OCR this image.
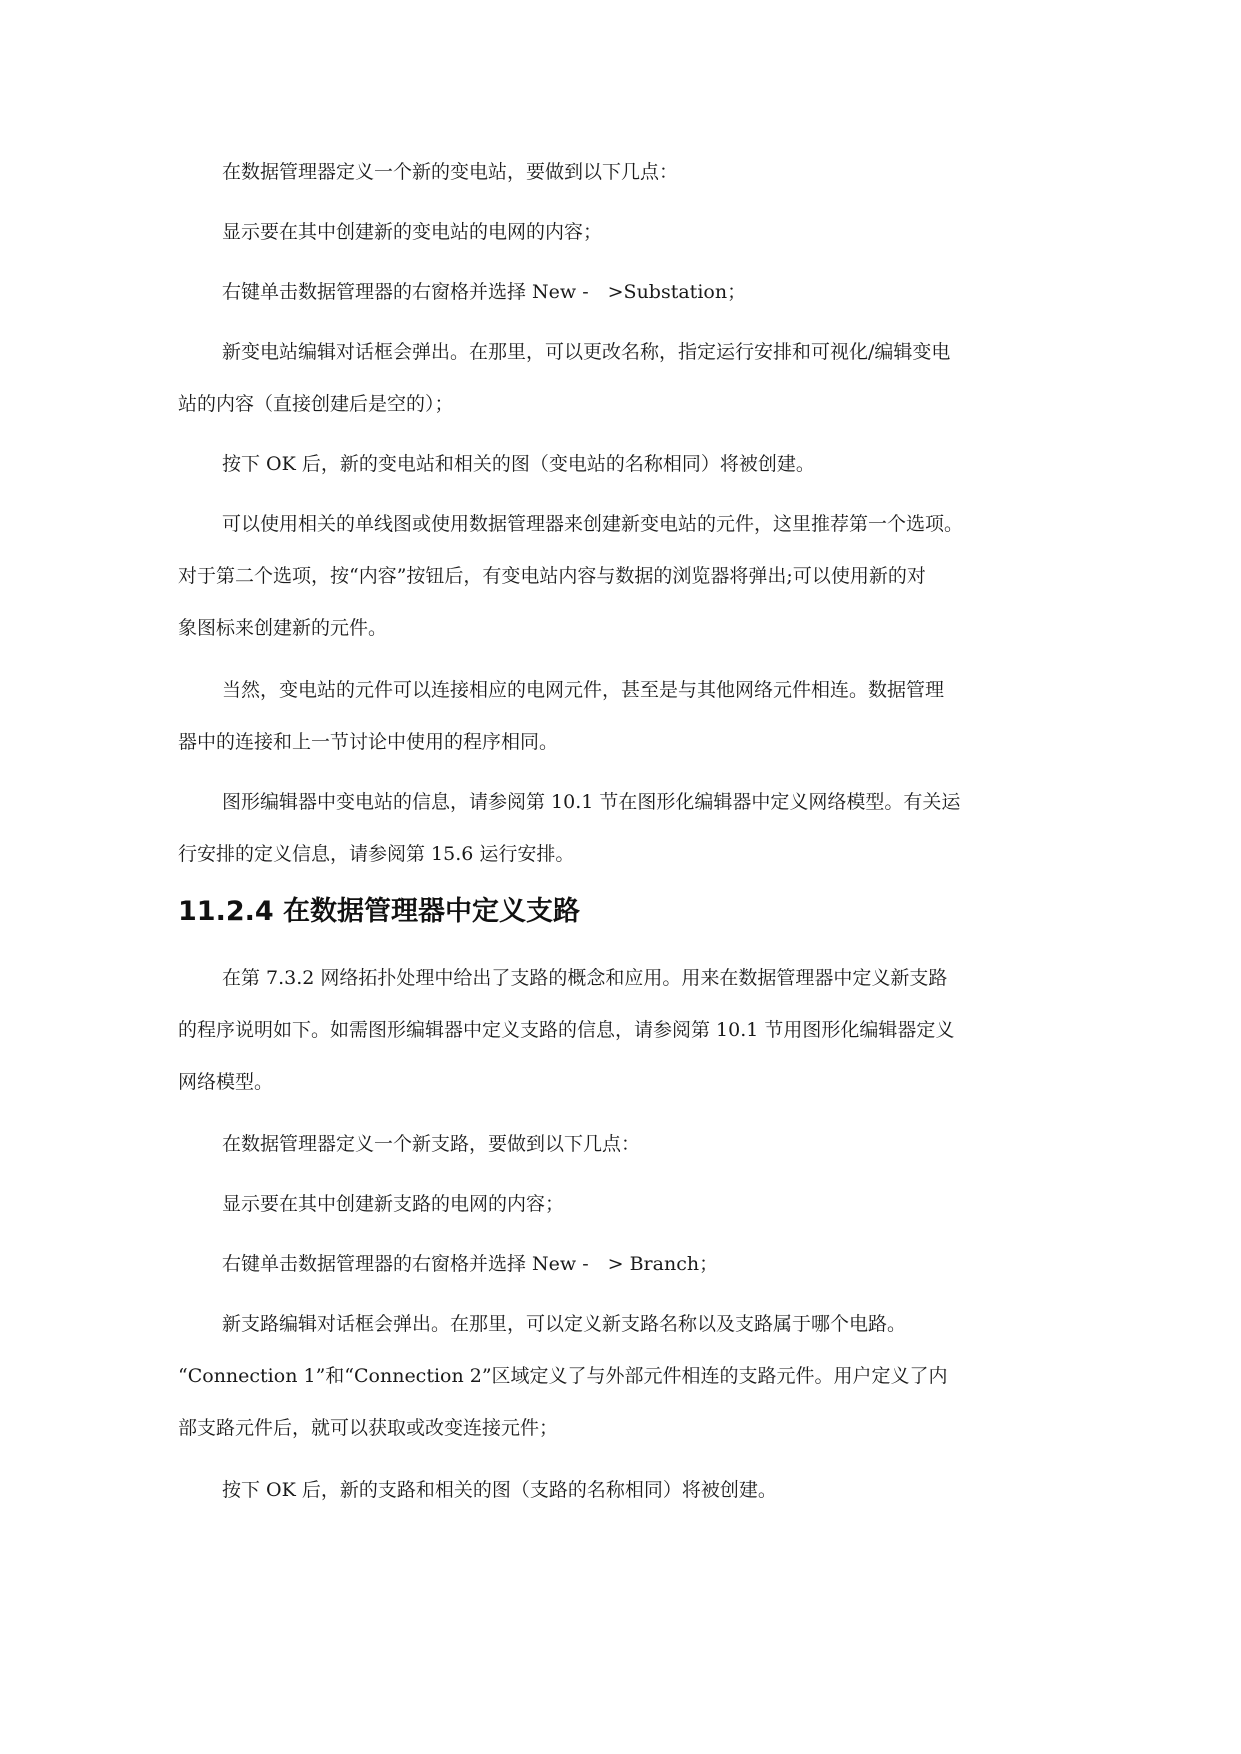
在数据管理器定义一个新的变电站，要做到以下几点：

显示要在其中创建新的变电站的电网的内容；

右键单击数据管理器的右窗格并选择 New -　>Substation；

新变电站编辑对话框会弹出。在那里，可以更改名称，指定运行安排和可视化/编辑变电
站的内容（直接创建后是空的）；

按下 OK 后，新的变电站和相关的图（变电站的名称相同）将被创建。

可以使用相关的单线图或使用数据管理器来创建新变电站的元件，这里推荐第一个选项。
对于第二个选项，按“内容”按钮后，有变电站内容与数据的浏览器将弹出;可以使用新的对
象图标来创建新的元件。

当然，变电站的元件可以连接相应的电网元件，甚至是与其他网络元件相连。数据管理
器中的连接和上一节讨论中使用的程序相同。

图形编辑器中变电站的信息，请参阅第 10.1 节在图形化编辑器中定义网络模型。有关运
行安排的定义信息，请参阅第 15.6 运行安排。

11.2.4 在数据管理器中定义支路

在第 7.3.2 网络拓扑处理中给出了支路的概念和应用。用来在数据管理器中定义新支路
的程序说明如下。如需图形编辑器中定义支路的信息，请参阅第 10.1 节用图形化编辑器定义
网络模型。

在数据管理器定义一个新支路，要做到以下几点：

显示要在其中创建新支路的电网的内容；

右键单击数据管理器的右窗格并选择 New -　> Branch；

新支路编辑对话框会弹出。在那里，可以定义新支路名称以及支路属于哪个电路。
“Connection 1”和“Connection 2”区域定义了与外部元件相连的支路元件。用户定义了内
部支路元件后，就可以获取或改变连接元件；

按下 OK 后，新的支路和相关的图（支路的名称相同）将被创建。
